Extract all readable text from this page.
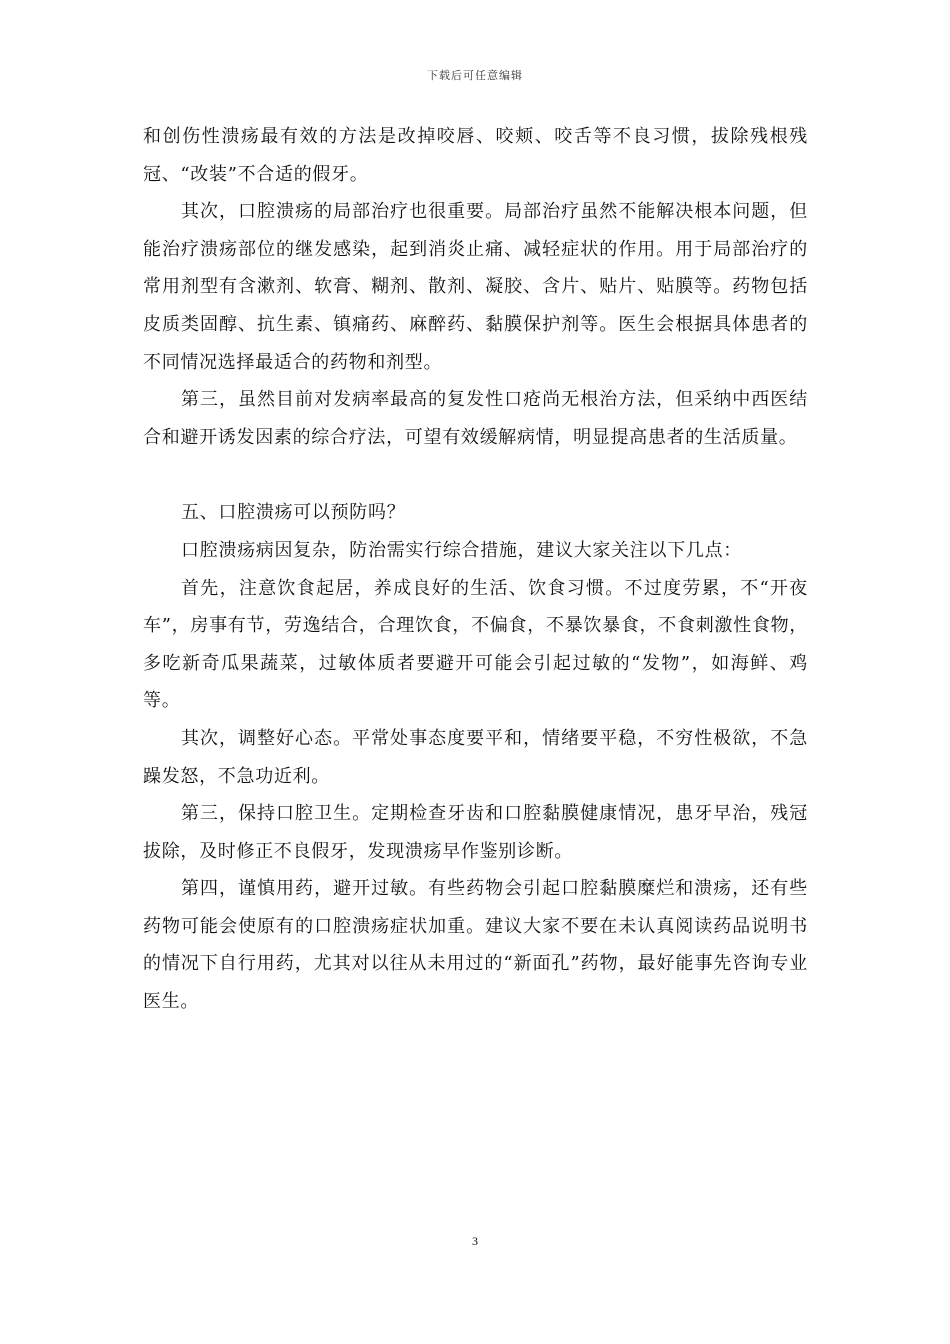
下载后可任意编辑

和创伤性溃疡最有效的方法是改掉咬唇、咬颊、咬舌等不良习惯，拔除残根残冠、“改装”不合适的假牙。

其次，口腔溃疡的局部治疗也很重要。局部治疗虽然不能解决根本问题，但能治疗溃疡部位的继发感染，起到消炎止痛、减轻症状的作用。用于局部治疗的常用剂型有含漱剂、软膏、糊剂、散剂、凝胶、含片、贴片、贴膜等。药物包括皮质类固醇、抗生素、镇痛药、麻醉药、黏膜保护剂等。医生会根据具体患者的不同情况选择最适合的药物和剂型。

第三，虽然目前对发病率最高的复发性口疮尚无根治方法，但采纳中西医结合和避开诱发因素的综合疗法，可望有效缓解病情，明显提高患者的生活质量。

五、口腔溃疡可以预防吗？

口腔溃疡病因复杂，防治需实行综合措施，建议大家关注以下几点：

首先，注意饮食起居，养成良好的生活、饮食习惯。不过度劳累，不“开夜车”，房事有节，劳逸结合，合理饮食，不偏食，不暴饮暴食，不食刺激性食物，多吃新奇瓜果蔬菜，过敏体质者要避开可能会引起过敏的“发物”，如海鲜、鸡等。

其次，调整好心态。平常处事态度要平和，情绪要平稳，不穷性极欲，不急躁发怒，不急功近利。

第三，保持口腔卫生。定期检查牙齿和口腔黏膜健康情况，患牙早治，残冠拔除，及时修正不良假牙，发现溃疡早作鉴别诊断。

第四，谨慎用药，避开过敏。有些药物会引起口腔黏膜糜烂和溃疡，还有些药物可能会使原有的口腔溃疡症状加重。建议大家不要在未认真阅读药品说明书的情况下自行用药，尤其对以往从未用过的“新面孔”药物，最好能事先咨询专业医生。

3
